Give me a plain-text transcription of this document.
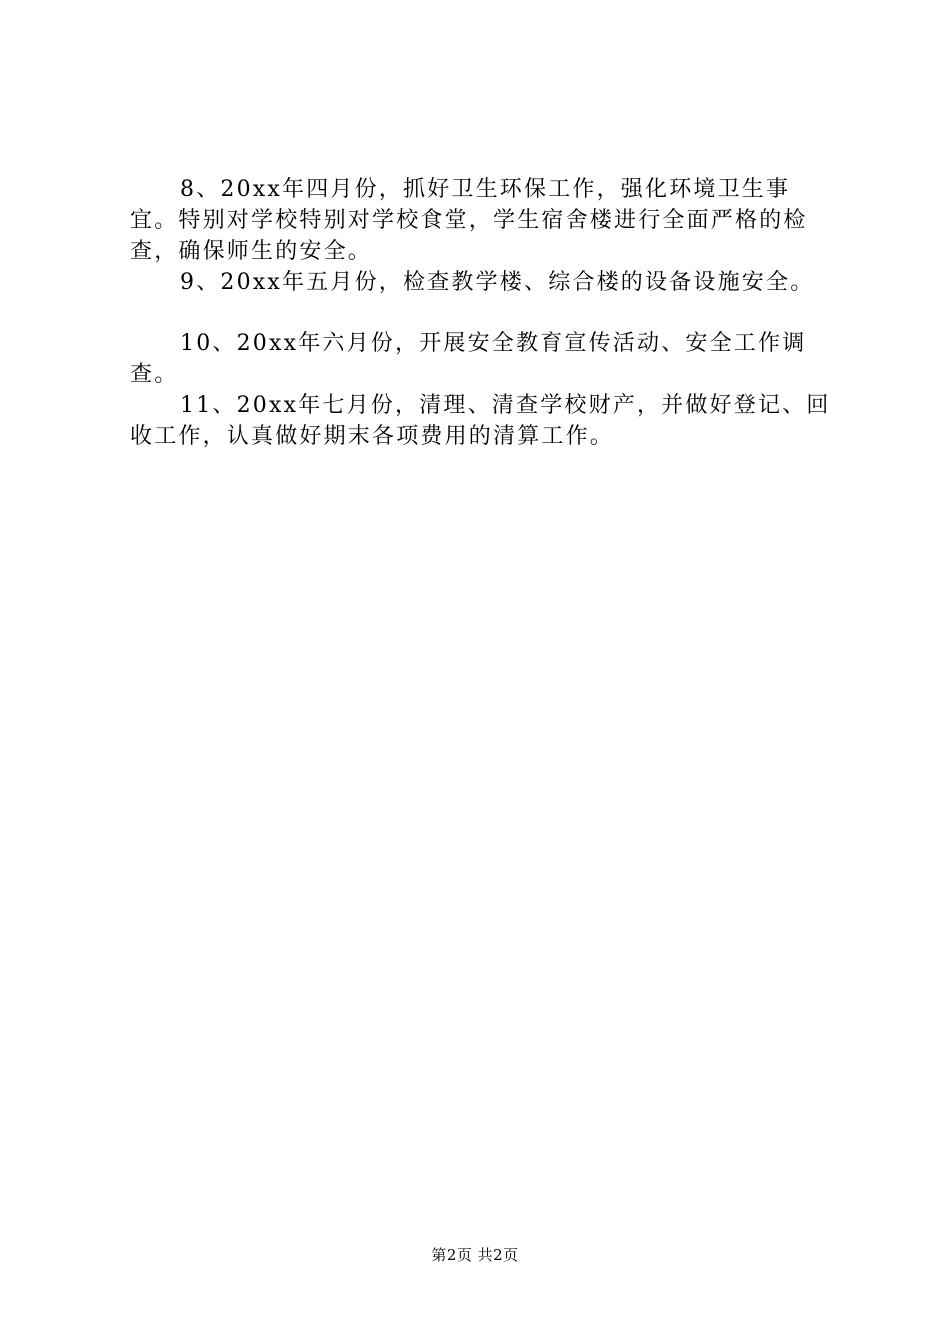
8、20xx年四月份，抓好卫生环保工作，强化环境卫生事宜。特别对学校特别对学校食堂，学生宿舍楼进行全面严格的检查，确保师生的安全。

9、20xx年五月份，检查教学楼、综合楼的设备设施安全。

10、20xx年六月份，开展安全教育宣传活动、安全工作调查。

11、20xx年七月份，清理、清查学校财产，并做好登记、回收工作，认真做好期末各项费用的清算工作。

第2页 共2页
